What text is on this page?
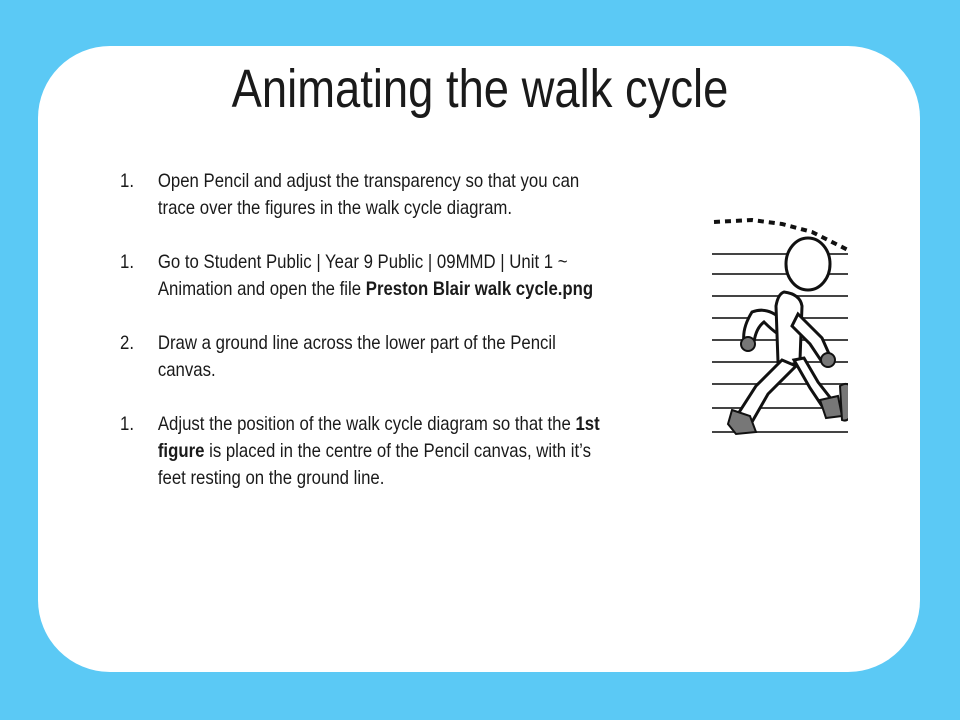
Animating the walk cycle
1. Open Pencil and adjust the transparency so that you can trace over the figures in the walk cycle diagram.
1. Go to Student Public | Year 9 Public | 09MMD | Unit 1 ~ Animation and open the file Preston Blair walk cycle.png
2. Draw a ground line across the lower part of the Pencil canvas.
1. Adjust the position of the walk cycle diagram so that the 1st figure is placed in the centre of the Pencil canvas, with it’s feet resting on the ground line.
